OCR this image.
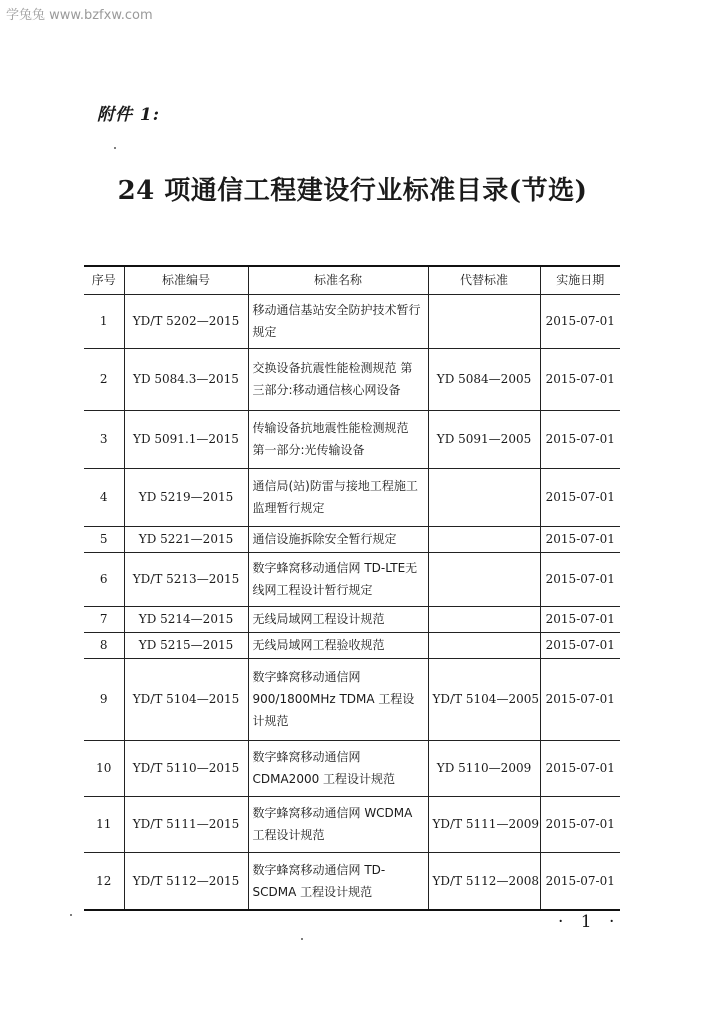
学兔兔 www.bzfxw.com
附件 1:
24 项通信工程建设行业标准目录(节选)
序号	标准编号	标准名称	代替标准	实施日期
1	YD/T 5202—2015	移动通信基站安全防护技术暂行规定		2015-07-01
2	YD 5084.3—2015	交换设备抗震性能检测规范 第三部分:移动通信核心网设备	YD 5084—2005	2015-07-01
3	YD 5091.1—2015	传输设备抗地震性能检测规范 第一部分:光传输设备	YD 5091—2005	2015-07-01
4	YD 5219—2015	通信局(站)防雷与接地工程施工监理暂行规定		2015-07-01
5	YD 5221—2015	通信设施拆除安全暂行规定		2015-07-01
6	YD/T 5213—2015	数字蜂窝移动通信网 TD-LTE无线网工程设计暂行规定		2015-07-01
7	YD 5214—2015	无线局域网工程设计规范		2015-07-01
8	YD 5215—2015	无线局域网工程验收规范		2015-07-01
9	YD/T 5104—2015	数字蜂窝移动通信网 900/1800MHz TDMA 工程设计规范	YD/T 5104—2005	2015-07-01
10	YD/T 5110—2015	数字蜂窝移动通信网 CDMA2000 工程设计规范	YD 5110—2009	2015-07-01
11	YD/T 5111—2015	数字蜂窝移动通信网 WCDMA 工程设计规范	YD/T 5111—2009	2015-07-01
12	YD/T 5112—2015	数字蜂窝移动通信网 TD-SCDMA 工程设计规范	YD/T 5112—2008	2015-07-01
· 1 ·
